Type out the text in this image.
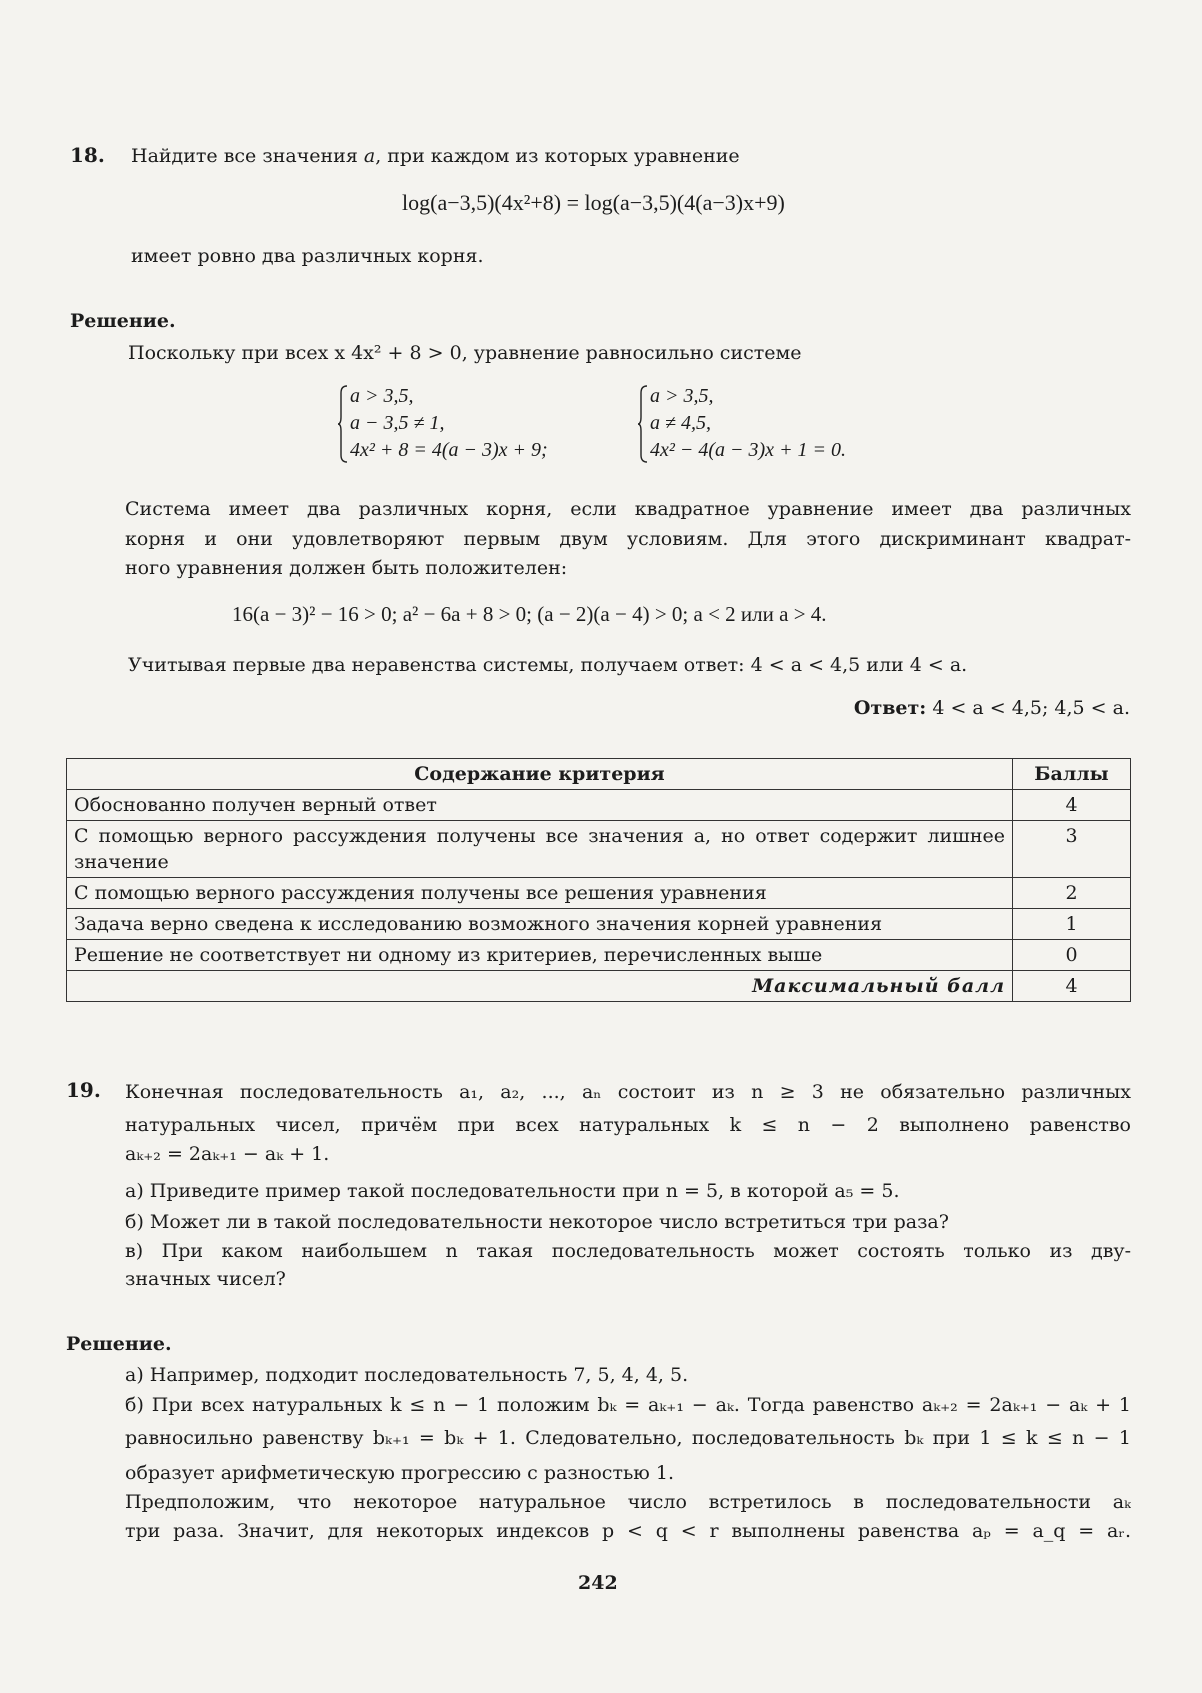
18. Найдите все значения a, при каждом из которых уравнение
log(a−3,5)(4x²+8) = log(a−3,5)(4(a−3)x+9)
имеет ровно два различных корня.
Решение.
Поскольку при всех x 4x² + 8 > 0, уравнение равносильно системе
a > 3,5,
a − 3,5 ≠ 1,
4x² + 8 = 4(a − 3)x + 9;
a > 3,5,
a ≠ 4,5,
4x² − 4(a − 3)x + 1 = 0.
Система имеет два различных корня, если квадратное уравнение имеет два различных
корня и они удовлетворяют первым двум условиям. Для этого дискриминант квадрат-
ного уравнения должен быть положителен:
16(a − 3)² − 16 > 0; a² − 6a + 8 > 0; (a − 2)(a − 4) > 0; a < 2 или a > 4.
Учитывая первые два неравенства системы, получаем ответ: 4 < a < 4,5 или 4 < a.
Ответ: 4 < a < 4,5; 4,5 < a.
Содержание критерия	Баллы
Обоснованно получен верный ответ	4
С помощью верного рассуждения получены все значения a, но ответ содержит лишнее значение	3
С помощью верного рассуждения получены все решения уравнения	2
Задача верно сведена к исследованию возможного значения корней уравнения	1
Решение не соответствует ни одному из критериев, перечисленных выше	0
Максимальный балл	4
19. Конечная последовательность a₁, a₂, ..., aₙ состоит из n ≥ 3 не обязательно различных
натуральных чисел, причём при всех натуральных k ≤ n − 2 выполнено равенство
aₖ₊₂ = 2aₖ₊₁ − aₖ + 1.
а) Приведите пример такой последовательности при n = 5, в которой a₅ = 5.
б) Может ли в такой последовательности некоторое число встретиться три раза?
в) При каком наибольшем n такая последовательность может состоять только из дву-
значных чисел?
Решение.
а) Например, подходит последовательность 7, 5, 4, 4, 5.
б) При всех натуральных k ≤ n − 1 положим bₖ = aₖ₊₁ − aₖ. Тогда равенство aₖ₊₂ = 2aₖ₊₁ − aₖ + 1
равносильно равенству bₖ₊₁ = bₖ + 1. Следовательно, последовательность bₖ при 1 ≤ k ≤ n − 1
образует арифметическую прогрессию с разностью 1.
Предположим, что некоторое натуральное число встретилось в последовательности aₖ
три раза. Значит, для некоторых индексов p < q < r выполнены равенства aₚ = a_q = aᵣ.
242
